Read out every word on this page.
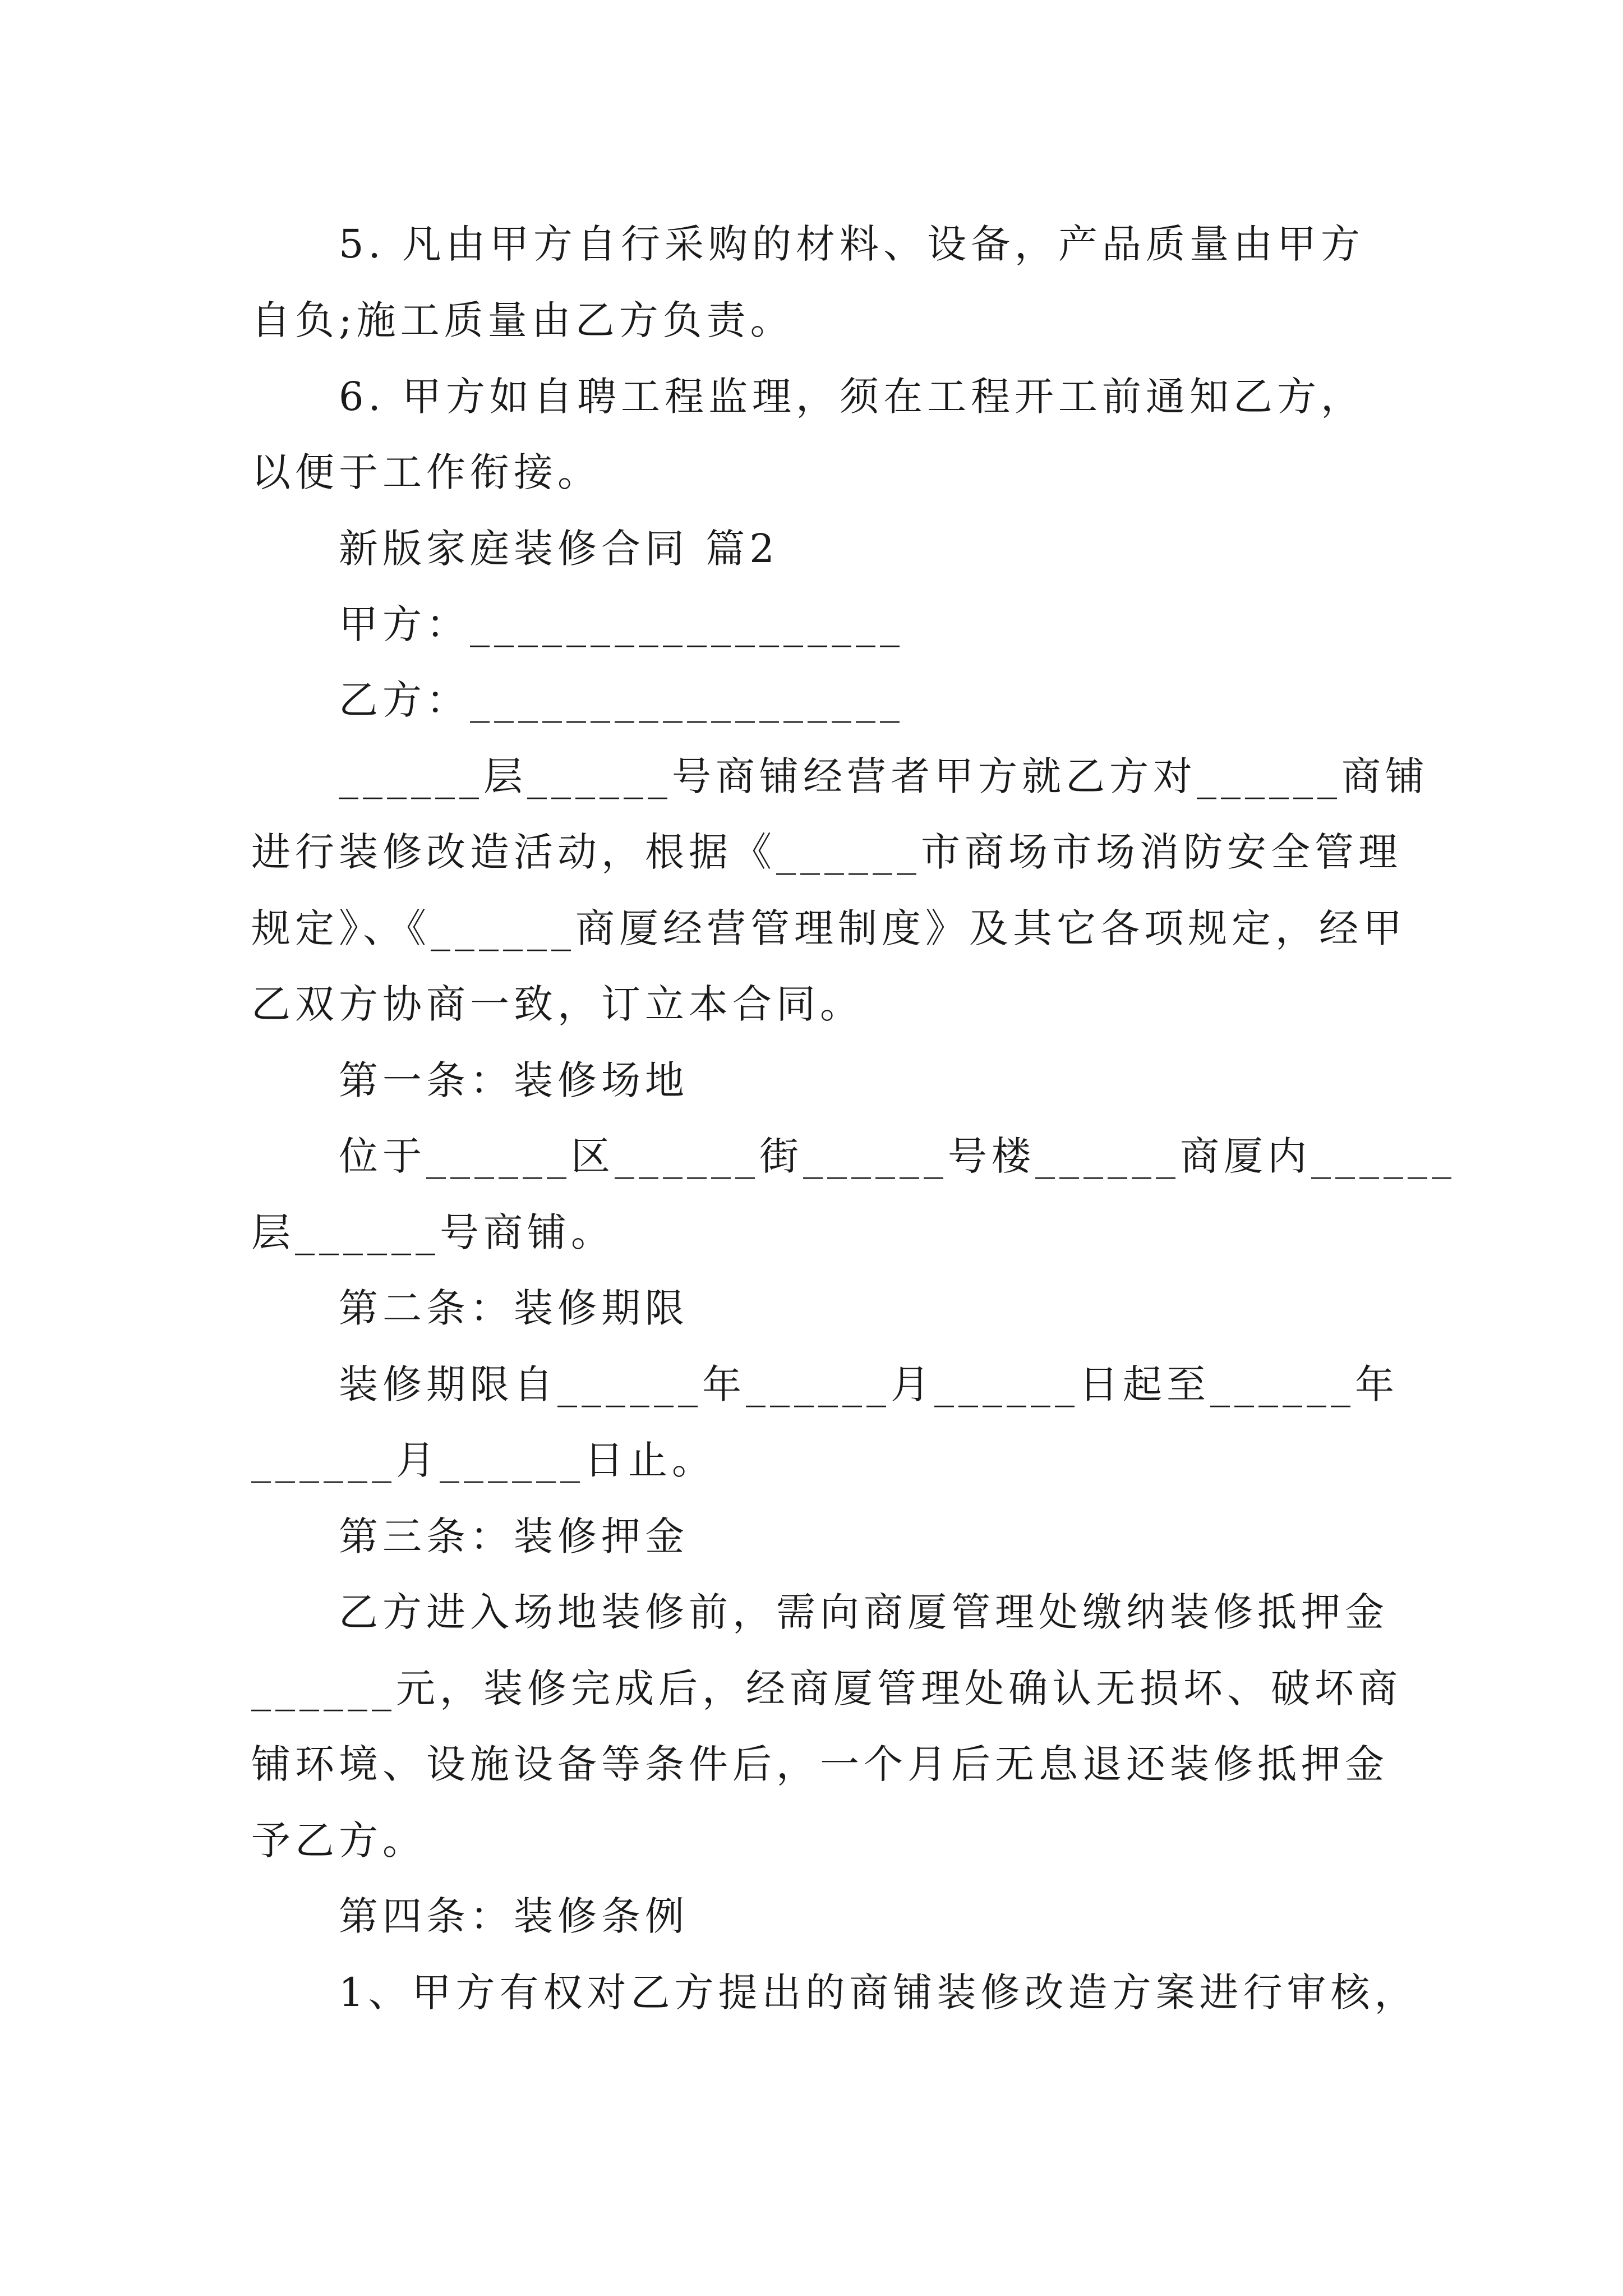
5. 凡由甲方自行采购的材料、设备，产品质量由甲方
自负;施工质量由乙方负责。
6. 甲方如自聘工程监理，须在工程开工前通知乙方，
以便于工作衔接。
新版家庭装修合同 篇2
甲方：__________________
乙方：__________________
______层______号商铺经营者甲方就乙方对______商铺
进行装修改造活动，根据《______市商场市场消防安全管理
规定》、《______商厦经营管理制度》及其它各项规定，经甲
乙双方协商一致，订立本合同。
第一条：装修场地
位于______区______街______号楼______商厦内______
层______号商铺。
第二条：装修期限
装修期限自______年______月______日起至______年
______月______日止。
第三条：装修押金
乙方进入场地装修前，需向商厦管理处缴纳装修抵押金
______元，装修完成后，经商厦管理处确认无损坏、破坏商
铺环境、设施设备等条件后，一个月后无息退还装修抵押金
予乙方。
第四条：装修条例
1、甲方有权对乙方提出的商铺装修改造方案进行审核，
